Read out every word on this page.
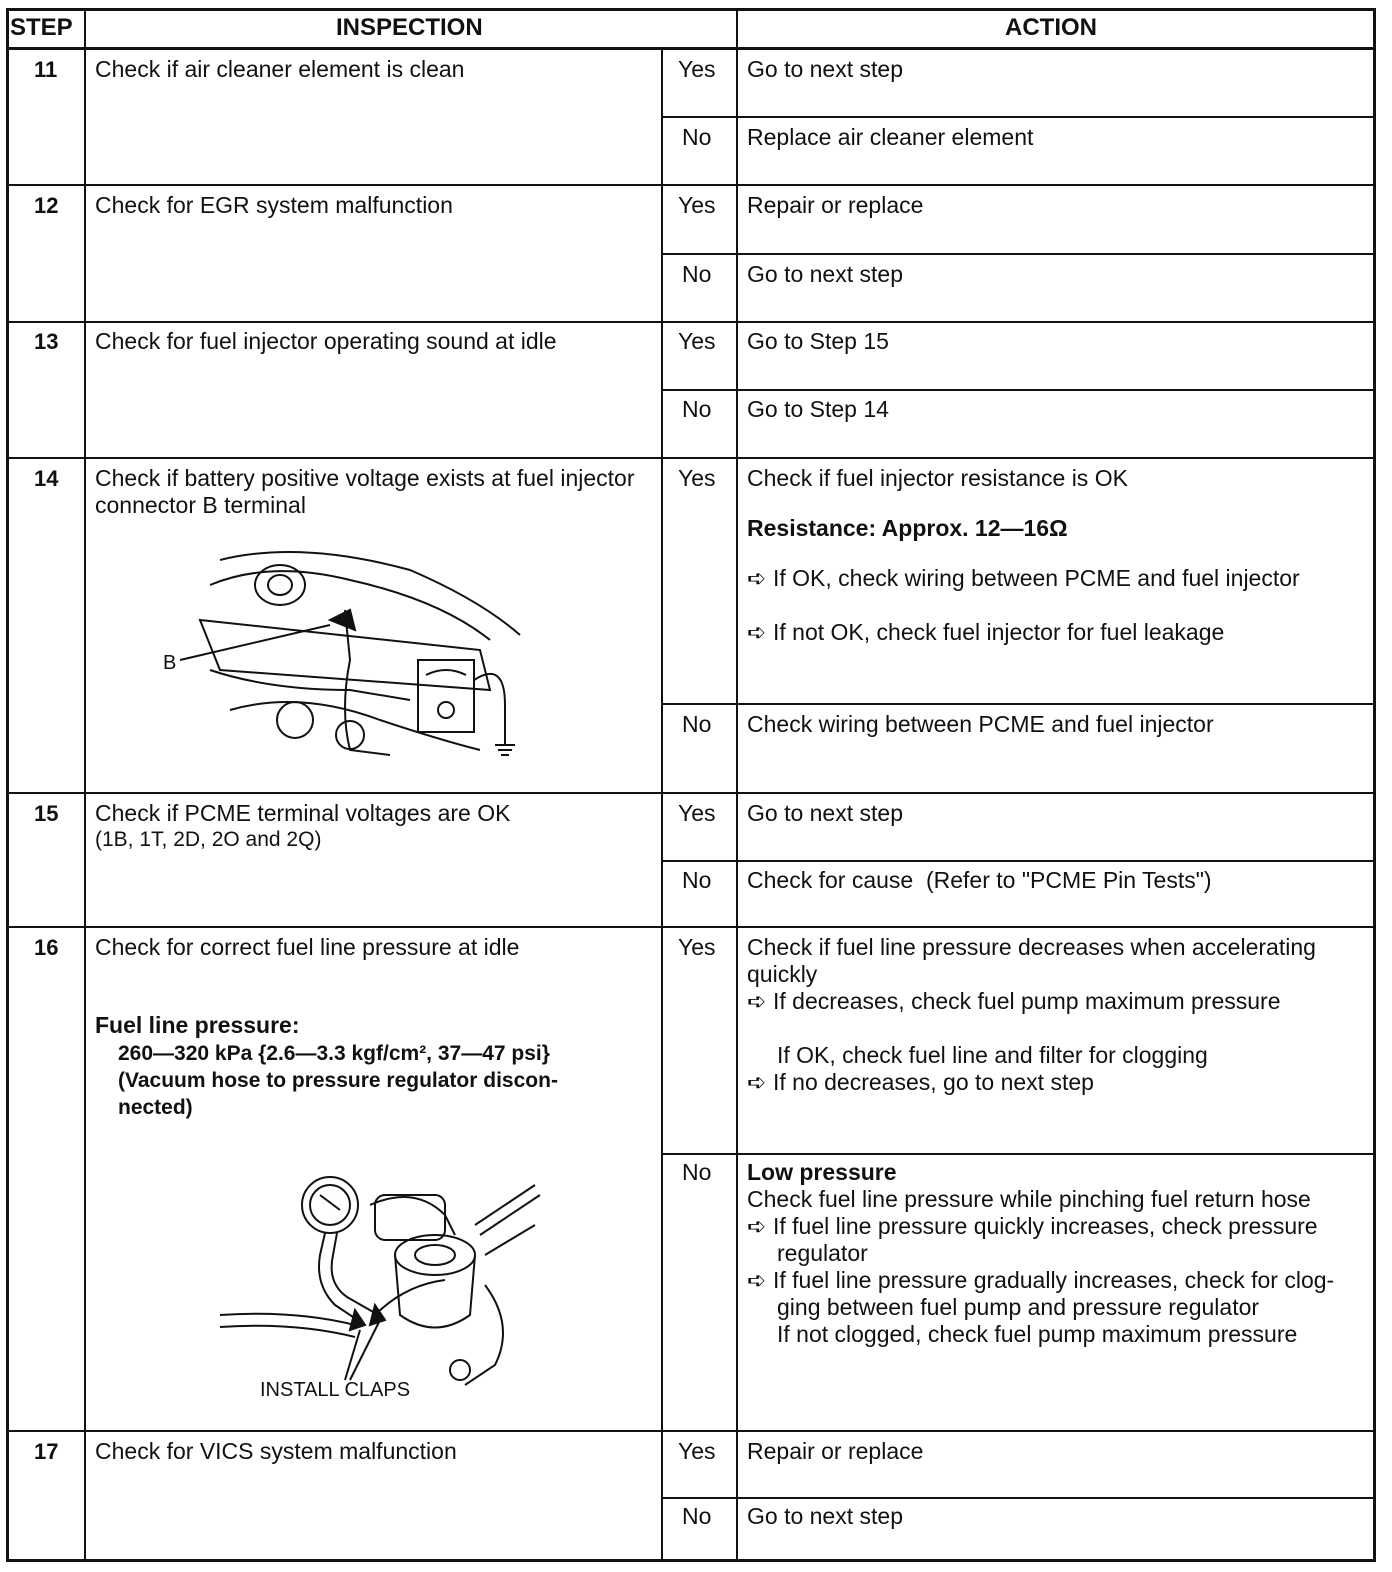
STEP	INSPECTION	ACTION
11 Check if air cleaner element is clean	Yes Go to next step
No Replace air cleaner element
12 Check for EGR system malfunction	Yes Repair or replace
No Go to next step
13 Check for fuel injector operating sound at idle	Yes Go to Step 15
No Go to Step 14
14 Check if battery positive voltage exists at fuel injector
connector B terminal
B
Yes Check if fuel injector resistance is OK
Resistance: Approx. 12—16Ω
➪ If OK, check wiring between PCME and fuel injector
➪ If not OK, check fuel injector for fuel leakage
No Check wiring between PCME and fuel injector
15 Check if PCME terminal voltages are OK
(1B, 1T, 2D, 2O and 2Q)
Yes Go to next step
No Check for cause  (Refer to "PCME Pin Tests")
16 Check for correct fuel line pressure at idle
Fuel line pressure:
260—320 kPa {2.6—3.3 kgf/cm², 37—47 psi}
(Vacuum hose to pressure regulator discon-
nected)
INSTALL CLAPS
Yes Check if fuel line pressure decreases when accelerating
quickly
➪ If decreases, check fuel pump maximum pressure
If OK, check fuel line and filter for clogging
➪ If no decreases, go to next step
No Low pressure
Check fuel line pressure while pinching fuel return hose
➪ If fuel line pressure quickly increases, check pressure
regulator
➪ If fuel line pressure gradually increases, check for clog-
ging between fuel pump and pressure regulator
If not clogged, check fuel pump maximum pressure
17 Check for VICS system malfunction	Yes Repair or replace
No Go to next step
